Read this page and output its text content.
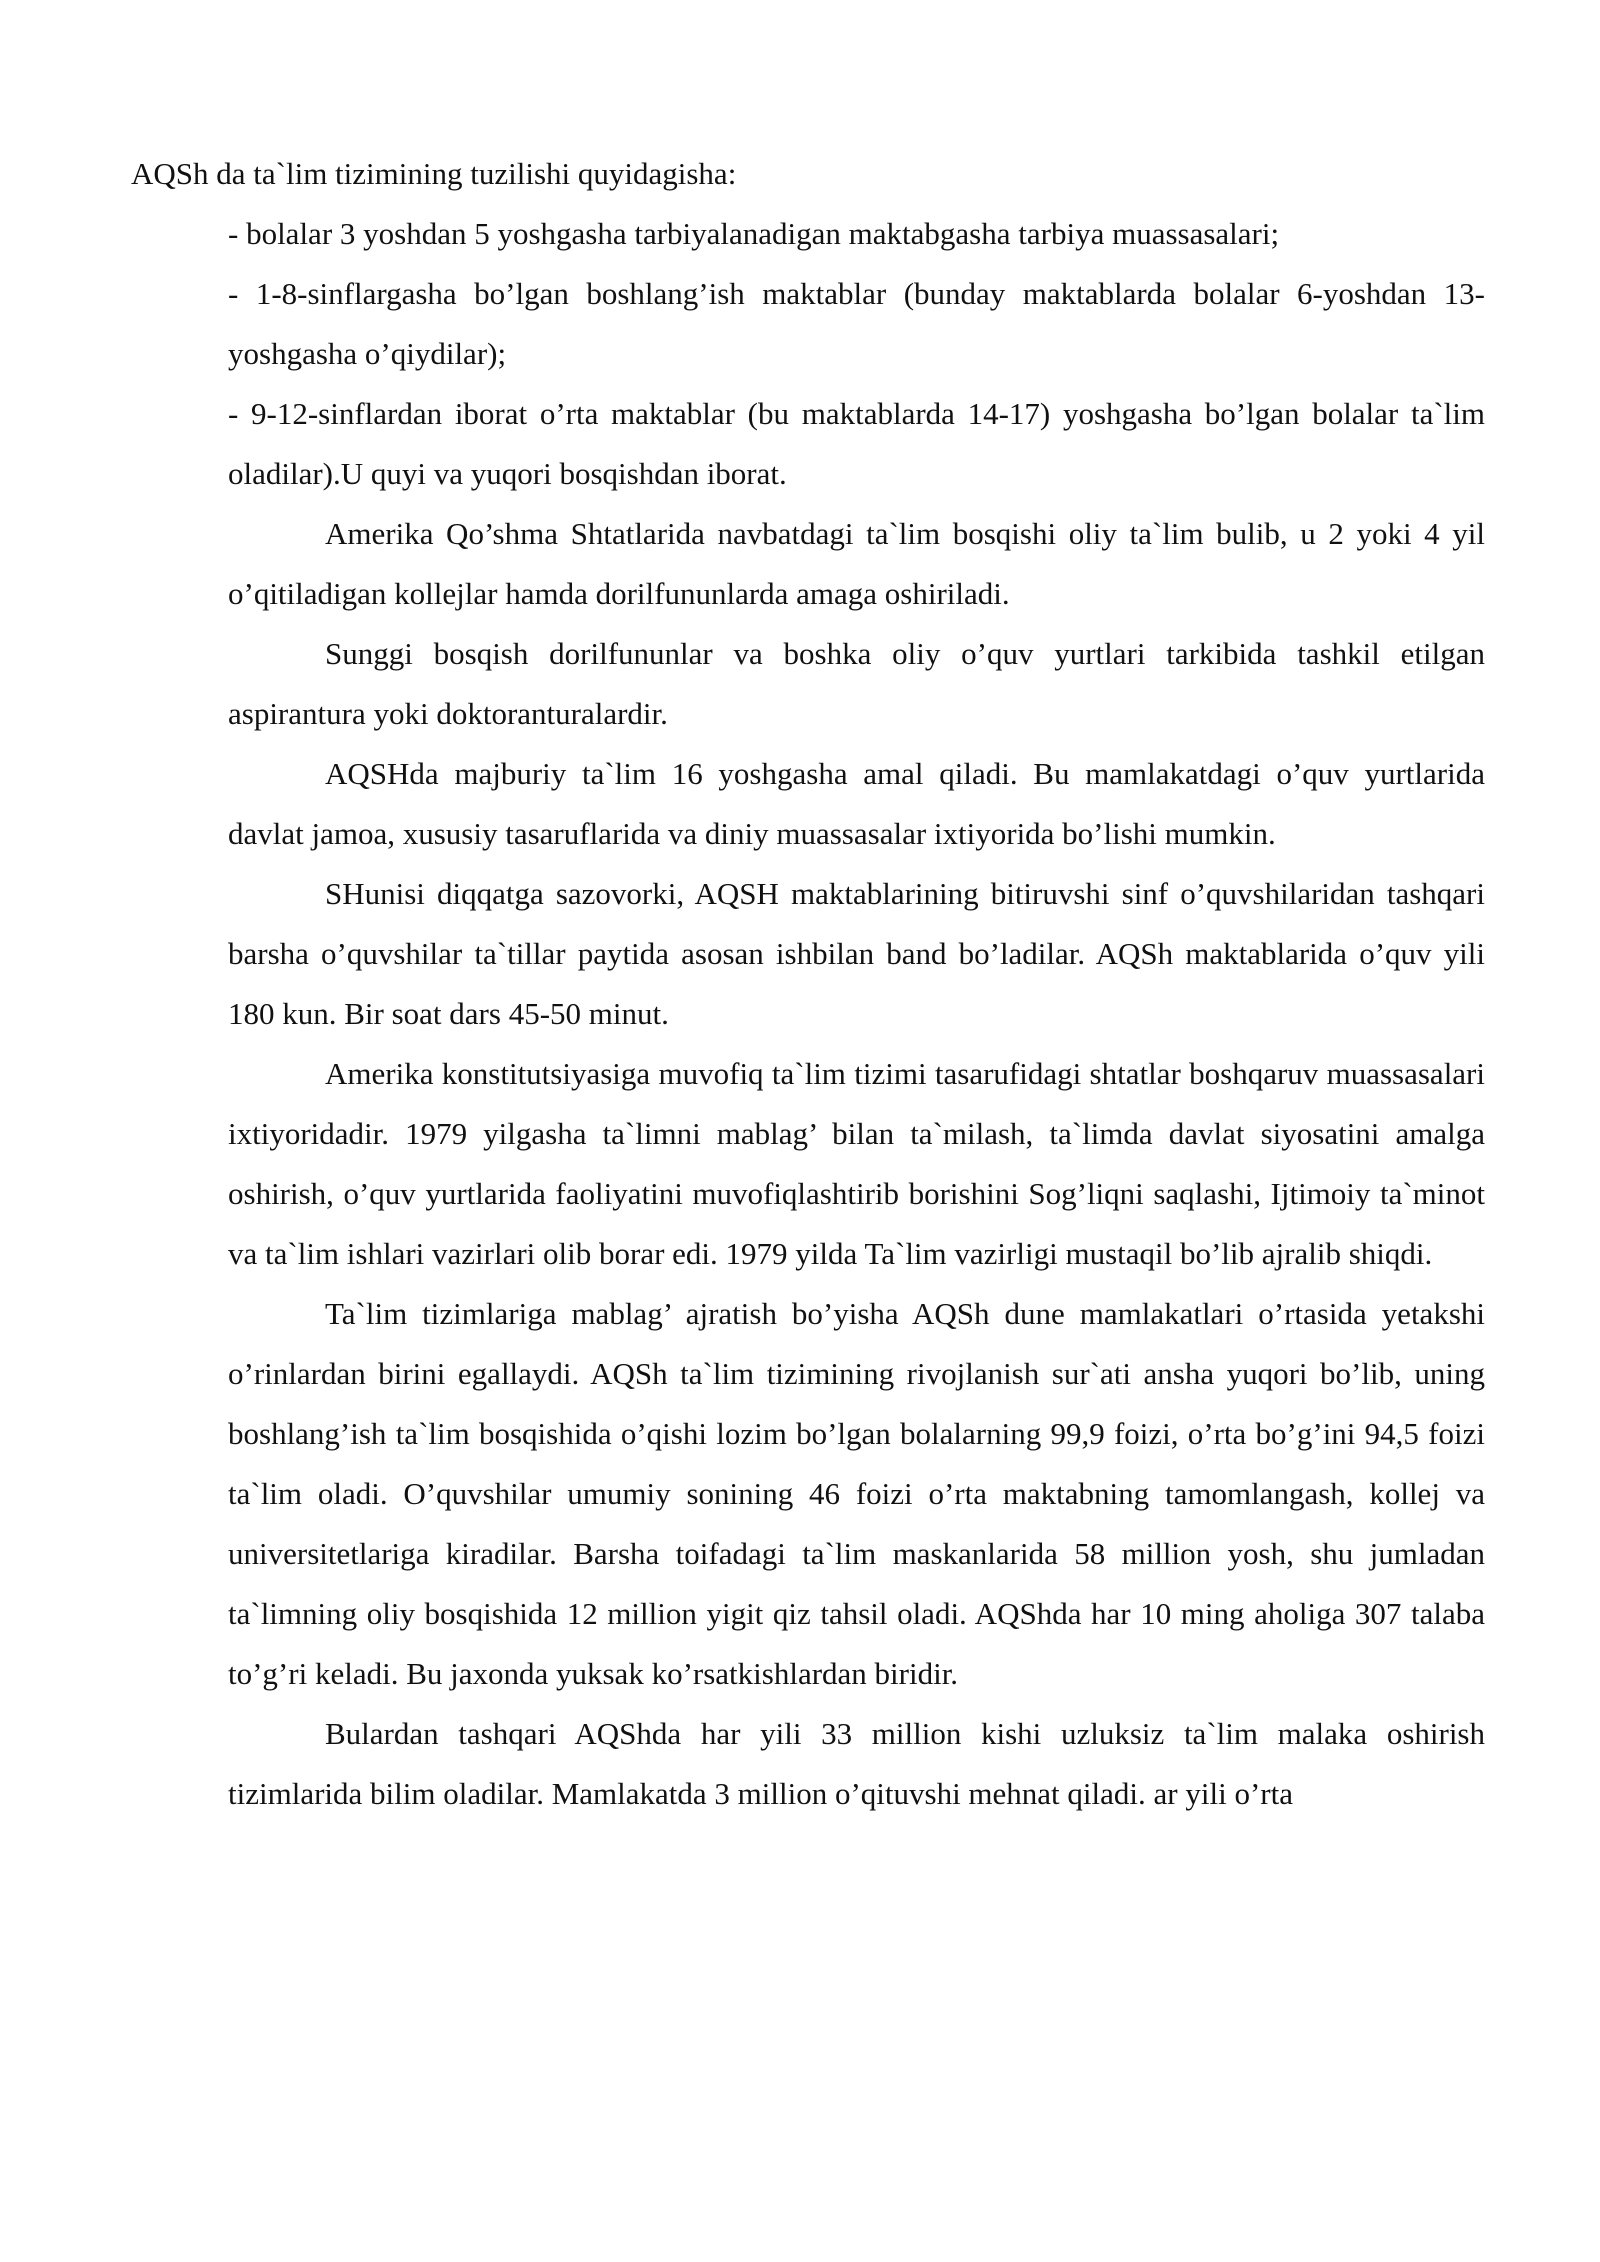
AQSh da ta`lim tizimining tuzilishi quyidagisha:

- bolalar 3 yoshdan 5 yoshgasha tarbiyalanadigan maktabgasha tarbiya muassasalari;

- 1-8-sinflargasha bo’lgan boshlang’ish maktablar (bunday maktablarda bolalar 6-yoshdan 13- yoshgasha o’qiydilar);

- 9-12-sinflardan iborat o’rta maktablar (bu maktablarda 14-17) yoshgasha bo’lgan bolalar ta`lim oladilar).U quyi va yuqori bosqishdan iborat.

Amerika Qo’shma Shtatlarida navbatdagi ta`lim bosqishi oliy ta`lim bulib, u 2 yoki 4 yil o’qitiladigan kollejlar hamda dorilfununlarda amaga oshiriladi.

Sunggi bosqish dorilfununlar va boshka oliy o’quv yurtlari tarkibida tashkil etilgan aspirantura yoki doktoranturalardir.

AQSHda majburiy ta`lim 16 yoshgasha amal qiladi. Bu mamlakatdagi o’quv yurtlarida davlat jamoa, xususiy tasaruflarida va diniy muassasalar ixtiyorida bo’lishi mumkin.

SHunisi diqqatga sazovorki, AQSH maktablarining bitiruvshi sinf o’quvshilaridan tashqari barsha o’quvshilar ta`tillar paytida asosan ishbilan band bo’ladilar. AQSh maktablarida o’quv yili 180 kun. Bir soat dars 45-50 minut.

Amerika konstitutsiyasiga muvofiq ta`lim tizimi tasarufidagi shtatlar boshqaruv muassasalari ixtiyoridadir. 1979 yilgasha ta`limni mablag’ bilan ta`milash, ta`limda davlat siyosatini amalga oshirish, o’quv yurtlarida faoliyatini muvofiqlashtirib borishini Sog’liqni saqlashi, Ijtimoiy ta`minot va ta`lim ishlari vazirlari olib borar edi. 1979 yilda Ta`lim vazirligi mustaqil bo’lib ajralib shiqdi.

Ta`lim tizimlariga mablag’ ajratish bo’yisha AQSh dune mamlakatlari o’rtasida yetakshi o’rinlardan birini egallaydi. AQSh ta`lim tizimining rivojlanish sur`ati ansha yuqori bo’lib, uning boshlang’ish ta`lim bosqishida o’qishi lozim bo’lgan bolalarning 99,9 foizi, o’rta bo’g’ini 94,5 foizi ta`lim oladi. O’quvshilar umumiy sonining 46 foizi o’rta maktabning tamomlangash, kollej va universitetlariga kiradilar. Barsha toifadagi ta`lim maskanlarida 58 million yosh, shu jumladan ta`limning oliy bosqishida 12 million yigit qiz tahsil oladi. AQShda har 10 ming aholiga 307 talaba to’g’ri keladi. Bu jaxonda yuksak ko’rsatkishlardan biridir.

Bulardan tashqari AQShda har yili 33 million kishi uzluksiz ta`lim malaka oshirish tizimlarida bilim oladilar. Mamlakatda 3 million o’qituvshi mehnat qiladi. ar yili o’rta
